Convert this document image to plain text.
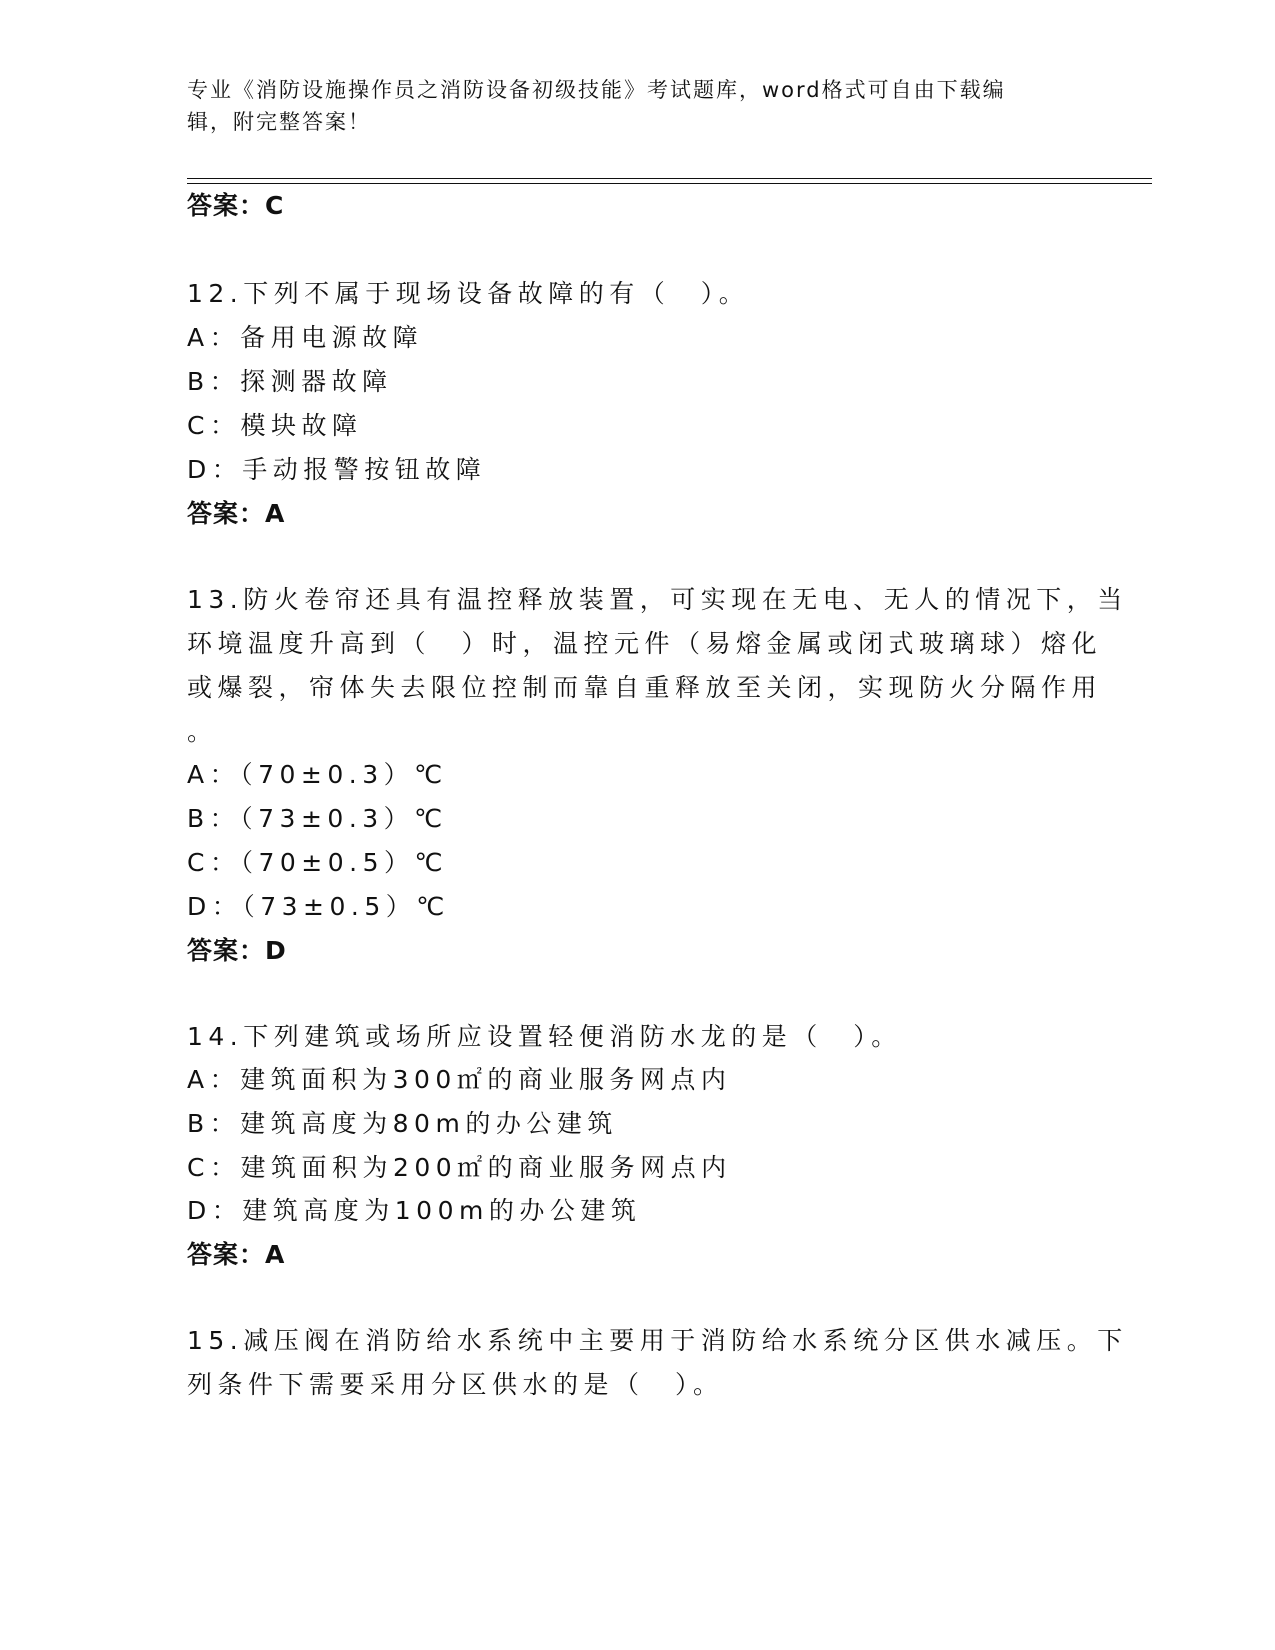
专业《消防设施操作员之消防设备初级技能》考试题库，word格式可自由下载编
辑，附完整答案！
答案：C
12.下列不属于现场设备故障的有（　）。
A：备用电源故障
B：探测器故障
C：模块故障
D：手动报警按钮故障
答案：A
13.防火卷帘还具有温控释放装置，可实现在无电、无人的情况下，当
环境温度升高到（　）时，温控元件（易熔金属或闭式玻璃球）熔化
或爆裂，帘体失去限位控制而靠自重释放至关闭，实现防火分隔作用
。
A：（70±0.3）℃
B：（73±0.3）℃
C：（70±0.5）℃
D：（73±0.5）℃
答案：D
14.下列建筑或场所应设置轻便消防水龙的是（　）。
A：建筑面积为300㎡的商业服务网点内
B：建筑高度为80m的办公建筑
C：建筑面积为200㎡的商业服务网点内
D：建筑高度为100m的办公建筑
答案：A
15.减压阀在消防给水系统中主要用于消防给水系统分区供水减压。下
列条件下需要采用分区供水的是（　）。
